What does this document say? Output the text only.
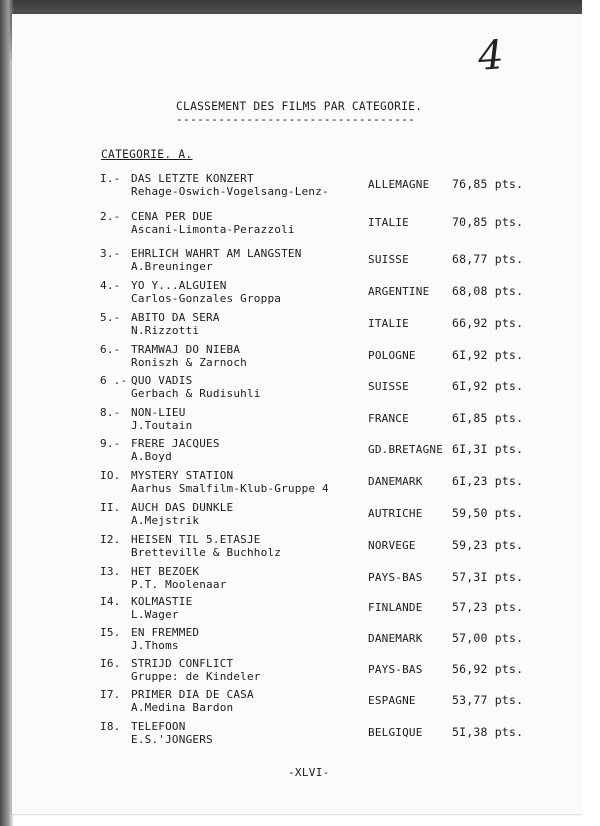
4
CLASSEMENT DES FILMS PAR CATEGORIE.
----------------------------------
CATEGORIE. A.
I.- DAS LETZTE KONZERT
Rehage-Oswich-Vogelsang-Lenz-
ALLEMAGNE 76,85 pts.
2.- CENA PER DUE
Ascani-Limonta-Perazzoli
ITALIE	70,85 pts.
3.- EHRLICH WAHRT AM LANGSTEN
A.Breuninger
SUISSE	68,77 pts.
4.- YO Y...ALGUIEN
Carlos-Gonzales Groppa
ARGENTINE 68,08 pts.
5.- ABITO DA SERA
N.Rizzotti
ITALIE	66,92 pts.
6.- TRAMWAJ DO NIEBA
Roniszh & Zarnoch
POLOGNE	6I,92 pts.
6 .- QUO VADIS
Gerbach & Rudisuhli
SUISSE	6I,92 pts.
8.- NON-LIEU
J.Toutain
FRANCE	6I,85 pts.
9.- FRERE JACQUES
A.Boyd
GD.BRETAGNE 6I,3I pts.
IO. MYSTERY STATION
Aarhus Smalfilm-Klub-Gruppe 4
DANEMARK	6I,23 pts.
II. AUCH DAS DUNKLE
A.Mejstrik
AUTRICHE	59,50 pts.
I2. HEISEN TIL 5.ETASJE
Bretteville & Buchholz
NORVEGE	59,23 pts.
I3. HET BEZOEK
P.T. Moolenaar
PAYS-BAS	57,3I pts.
I4. KOLMASTIE
L.Wager
FINLANDE	57,23 pts.
I5. EN FREMMED
J.Thoms
DANEMARK	57,00 pts.
I6. STRIJD CONFLICT
Gruppe: de Kindeler
PAYS-BAS	56,92 pts.
I7. PRIMER DIA DE CASA
A.Medina Bardon
ESPAGNE	53,77 pts.
I8. TELEFOON
E.S.'JONGERS
BELGIQUE	5I,38 pts.
-XLVI-
